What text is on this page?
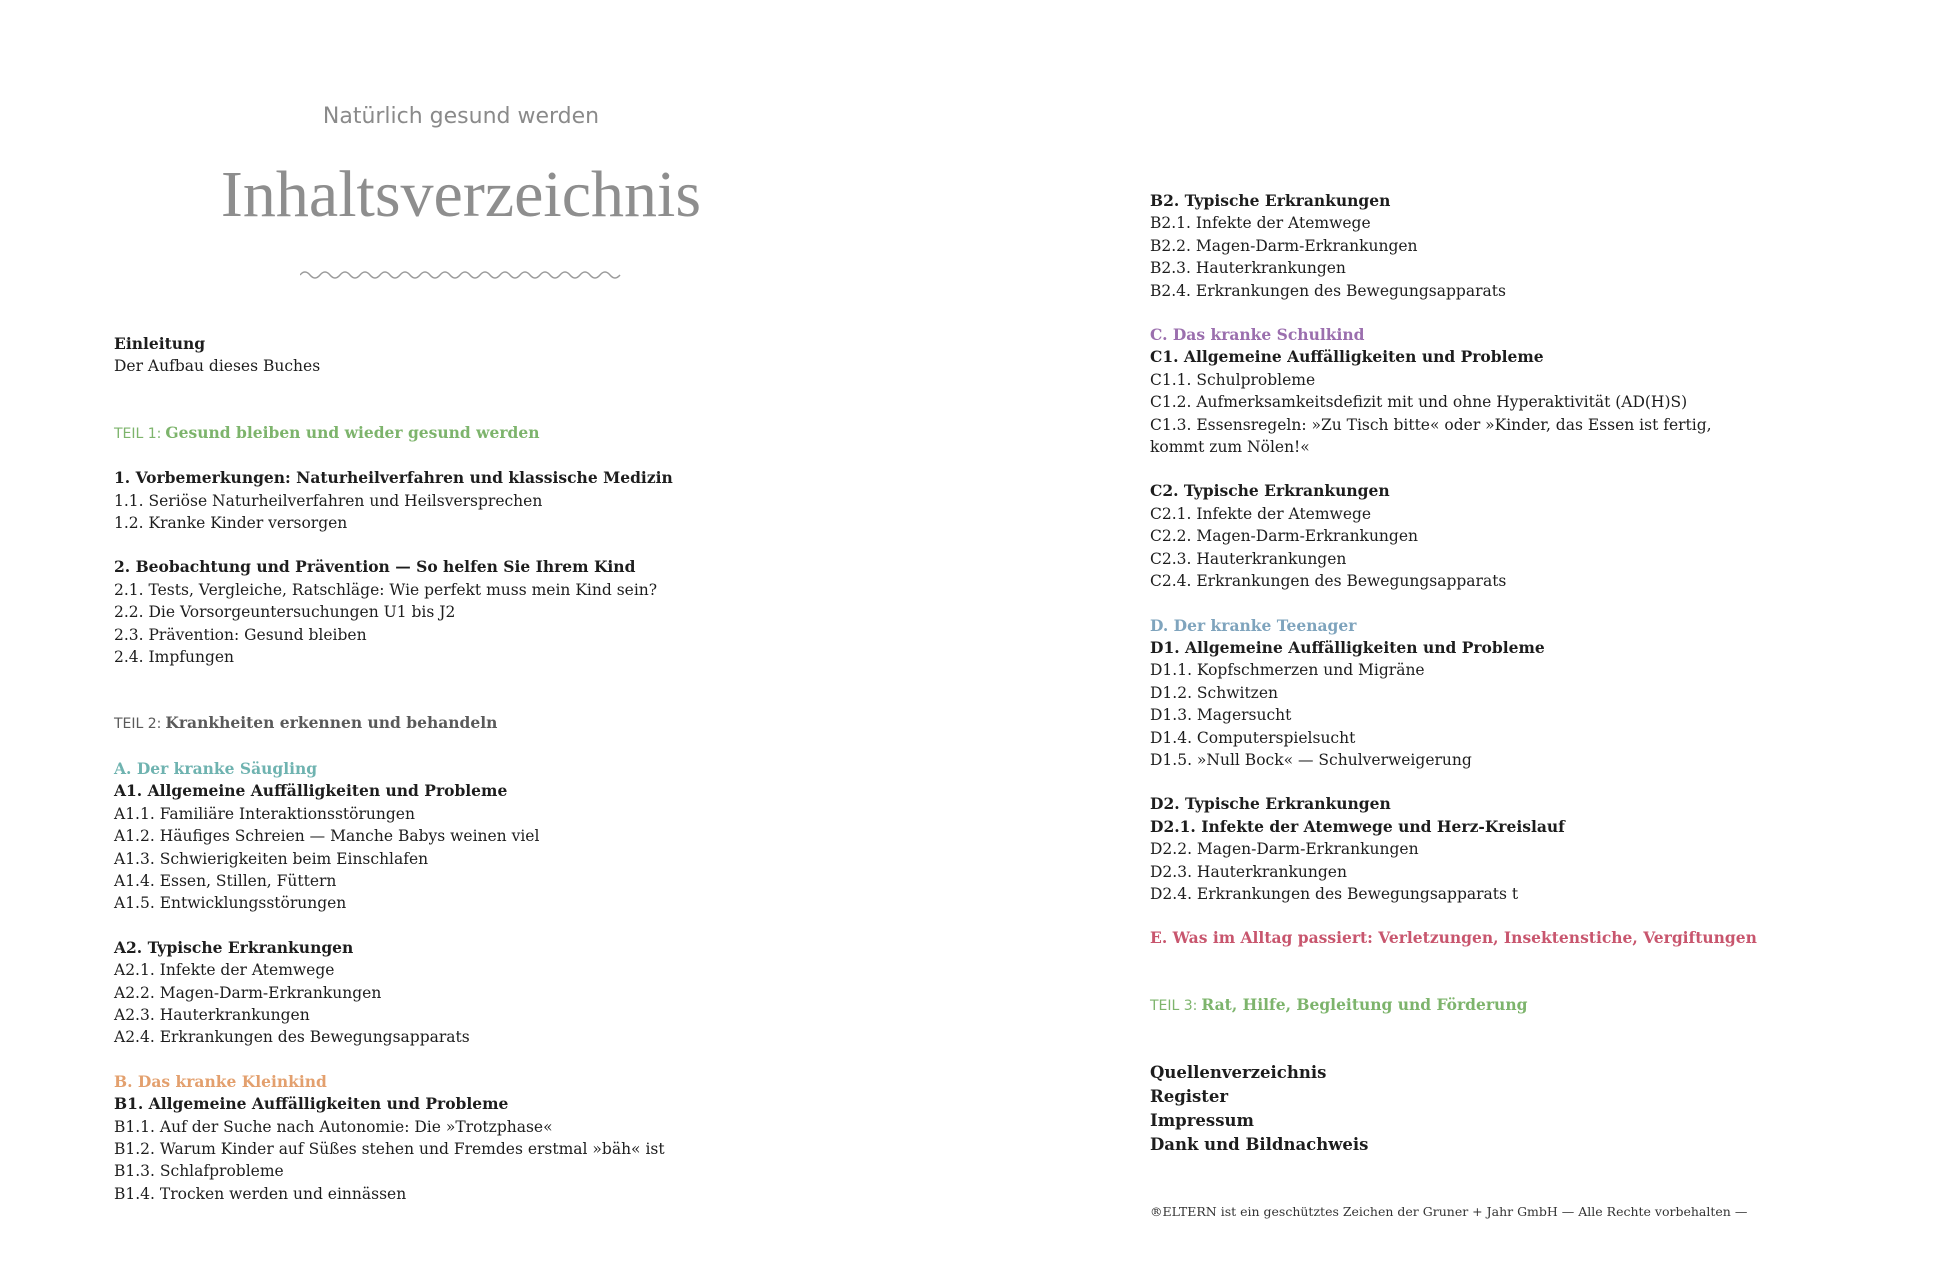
Natürlich gesund werden
Inhaltsverzeichnis
Einleitung
Der Aufbau dieses Buches
TEIL 1: Gesund bleiben und wieder gesund werden
1. Vorbemerkungen: Naturheilverfahren und klassische Medizin
1.1. Seriöse Naturheilverfahren und Heilsversprechen
1.2. Kranke Kinder versorgen
2. Beobachtung und Prävention — So helfen Sie Ihrem Kind
2.1. Tests, Vergleiche, Ratschläge: Wie perfekt muss mein Kind sein?
2.2. Die Vorsorgeuntersuchungen U1 bis J2
2.3. Prävention: Gesund bleiben
2.4. Impfungen
TEIL 2: Krankheiten erkennen und behandeln
A. Der kranke Säugling
A1. Allgemeine Auffälligkeiten und Probleme
A1.1. Familiäre Interaktionsstörungen
A1.2. Häufiges Schreien — Manche Babys weinen viel
A1.3. Schwierigkeiten beim Einschlafen
A1.4. Essen, Stillen, Füttern
A1.5. Entwicklungsstörungen
A2. Typische Erkrankungen
A2.1. Infekte der Atemwege
A2.2. Magen-Darm-Erkrankungen
A2.3. Hauterkrankungen
A2.4. Erkrankungen des Bewegungsapparats
B. Das kranke Kleinkind
B1. Allgemeine Auffälligkeiten und Probleme
B1.1. Auf der Suche nach Autonomie: Die »Trotzphase«
B1.2. Warum Kinder auf Süßes stehen und Fremdes erstmal »bäh« ist
B1.3. Schlafprobleme
B1.4. Trocken werden und einnässen
B2. Typische Erkrankungen
B2.1. Infekte der Atemwege
B2.2. Magen-Darm-Erkrankungen
B2.3. Hauterkrankungen
B2.4. Erkrankungen des Bewegungsapparats
C. Das kranke Schulkind
C1. Allgemeine Auffälligkeiten und Probleme
C1.1. Schulprobleme
C1.2. Aufmerksamkeitsdefizit mit und ohne Hyperaktivität (AD(H)S)
C1.3. Essensregeln: »Zu Tisch bitte« oder »Kinder, das Essen ist fertig,
kommt zum Nölen!«
C2. Typische Erkrankungen
C2.1. Infekte der Atemwege
C2.2. Magen-Darm-Erkrankungen
C2.3. Hauterkrankungen
C2.4. Erkrankungen des Bewegungsapparats
D. Der kranke Teenager
D1. Allgemeine Auffälligkeiten und Probleme
D1.1. Kopfschmerzen und Migräne
D1.2. Schwitzen
D1.3. Magersucht
D1.4. Computerspielsucht
D1.5. »Null Bock« — Schulverweigerung
D2. Typische Erkrankungen
D2.1. Infekte der Atemwege und Herz-Kreislauf
D2.2. Magen-Darm-Erkrankungen
D2.3. Hauterkrankungen
D2.4. Erkrankungen des Bewegungsapparats t
E. Was im Alltag passiert: Verletzungen, Insektenstiche, Vergiftungen
TEIL 3: Rat, Hilfe, Begleitung und Förderung
Quellenverzeichnis
Register
Impressum
Dank und Bildnachweis
®ELTERN ist ein geschütztes Zeichen der Gruner + Jahr GmbH — Alle Rechte vorbehalten —
